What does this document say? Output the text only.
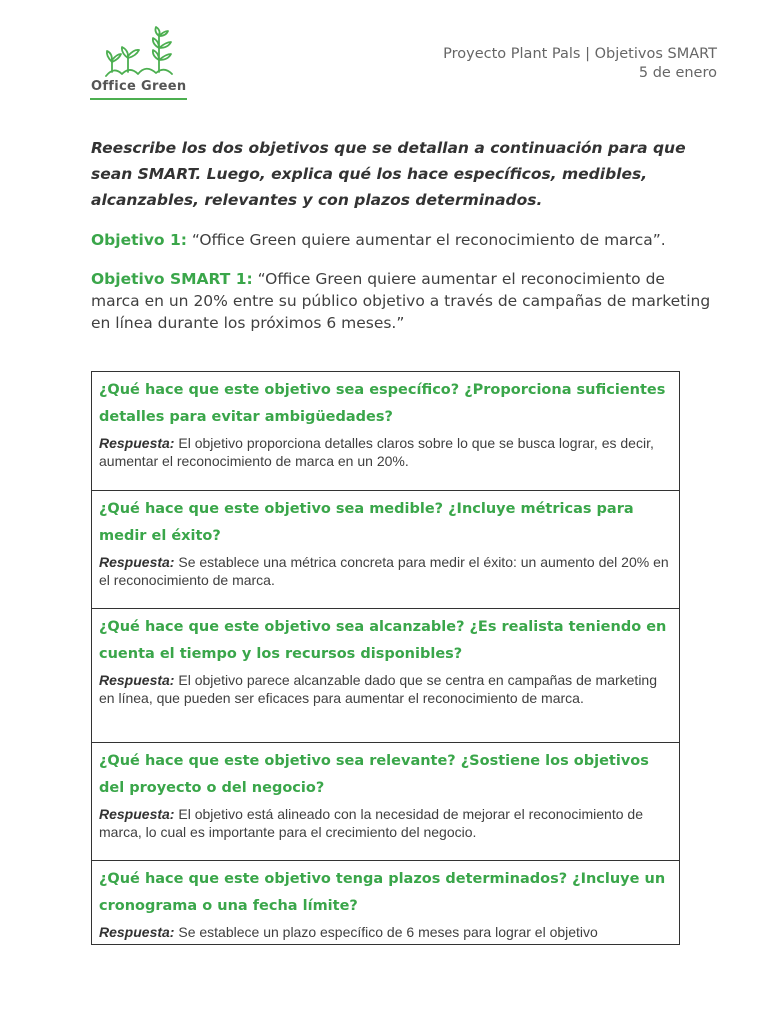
Office Green
Proyecto Plant Pals | Objetivos SMART
5 de enero
Reescribe los dos objetivos que se detallan a continuación para que sean SMART. Luego, explica qué los hace específicos, medibles, alcanzables, relevantes y con plazos determinados.
Objetivo 1: “Office Green quiere aumentar el reconocimiento de marca”.
Objetivo SMART 1: “Office Green quiere aumentar el reconocimiento de marca en un 20% entre su público objetivo a través de campañas de marketing en línea durante los próximos 6 meses.”
¿Qué hace que este objetivo sea específico? ¿Proporciona suficientes detalles para evitar ambigüedades?
Respuesta: El objetivo proporciona detalles claros sobre lo que se busca lograr, es decir, aumentar el reconocimiento de marca en un 20%.
¿Qué hace que este objetivo sea medible? ¿Incluye métricas para medir el éxito?
Respuesta: Se establece una métrica concreta para medir el éxito: un aumento del 20% en el reconocimiento de marca.
¿Qué hace que este objetivo sea alcanzable? ¿Es realista teniendo en cuenta el tiempo y los recursos disponibles?
Respuesta: El objetivo parece alcanzable dado que se centra en campañas de marketing en línea, que pueden ser eficaces para aumentar el reconocimiento de marca.
¿Qué hace que este objetivo sea relevante? ¿Sostiene los objetivos del proyecto o del negocio?
Respuesta: El objetivo está alineado con la necesidad de mejorar el reconocimiento de marca, lo cual es importante para el crecimiento del negocio.
¿Qué hace que este objetivo tenga plazos determinados? ¿Incluye un cronograma o una fecha límite?
Respuesta: Se establece un plazo específico de 6 meses para lograr el objetivo
